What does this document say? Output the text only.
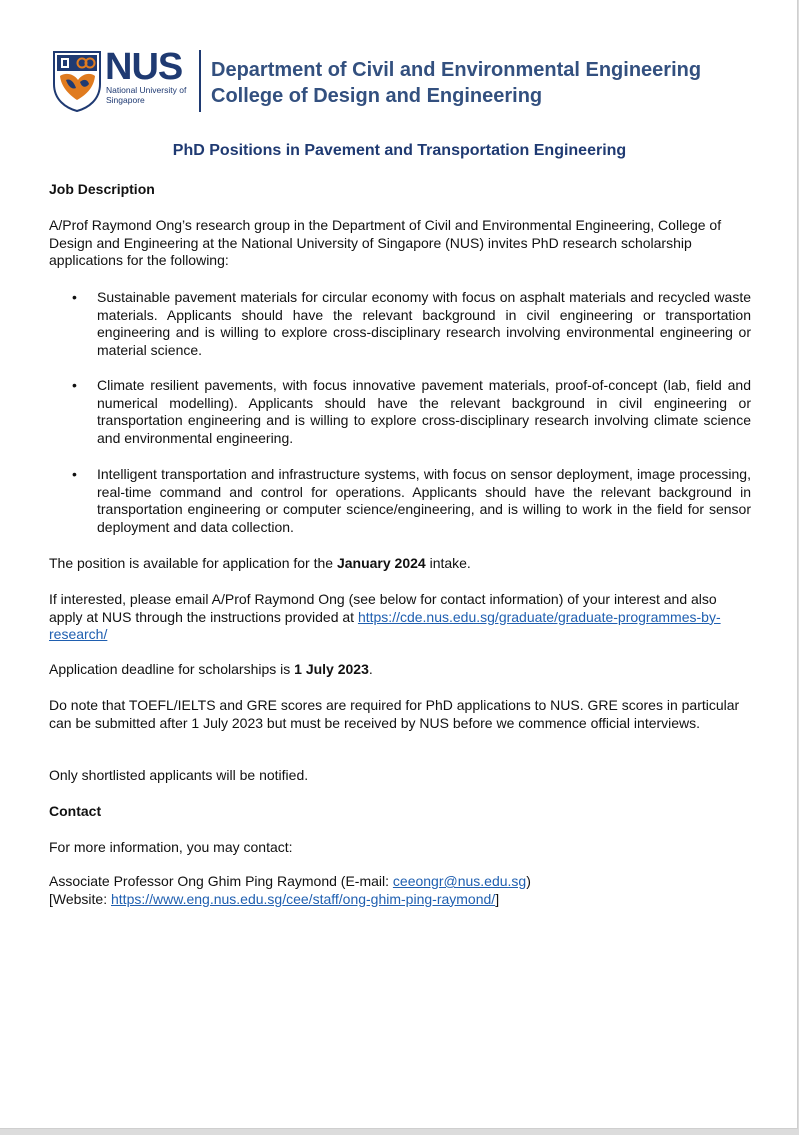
NUS
National University of Singapore
Department of Civil and Environmental Engineering
College of Design and Engineering
PhD Positions in Pavement and Transportation Engineering

Job Description

A/Prof Raymond Ong’s research group in the Department of Civil and Environmental Engineering, College of Design and Engineering at the National University of Singapore (NUS) invites PhD research scholarship applications for the following:

• Sustainable pavement materials for circular economy with focus on asphalt materials and recycled waste materials. Applicants should have the relevant background in civil engineering or transportation engineering and is willing to explore cross-disciplinary research involving environmental engineering or material science.

• Climate resilient pavements, with focus innovative pavement materials, proof-of-concept (lab, field and numerical modelling). Applicants should have the relevant background in civil engineering or transportation engineering and is willing to explore cross-disciplinary research involving climate science and environmental engineering.

• Intelligent transportation and infrastructure systems, with focus on sensor deployment, image processing, real-time command and control for operations. Applicants should have the relevant background in transportation engineering or computer science/engineering, and is willing to work in the field for sensor deployment and data collection.

The position is available for application for the January 2024 intake.

If interested, please email A/Prof Raymond Ong (see below for contact information) of your interest and also apply at NUS through the instructions provided at https://cde.nus.edu.sg/graduate/graduate-programmes-by-research/

Application deadline for scholarships is 1 July 2023.

Do note that TOEFL/IELTS and GRE scores are required for PhD applications to NUS. GRE scores in particular can be submitted after 1 July 2023 but must be received by NUS before we commence official interviews.

Only shortlisted applicants will be notified.

Contact

For more information, you may contact:

Associate Professor Ong Ghim Ping Raymond (E-mail: ceeongr@nus.edu.sg)
[Website: https://www.eng.nus.edu.sg/cee/staff/ong-ghim-ping-raymond/]
